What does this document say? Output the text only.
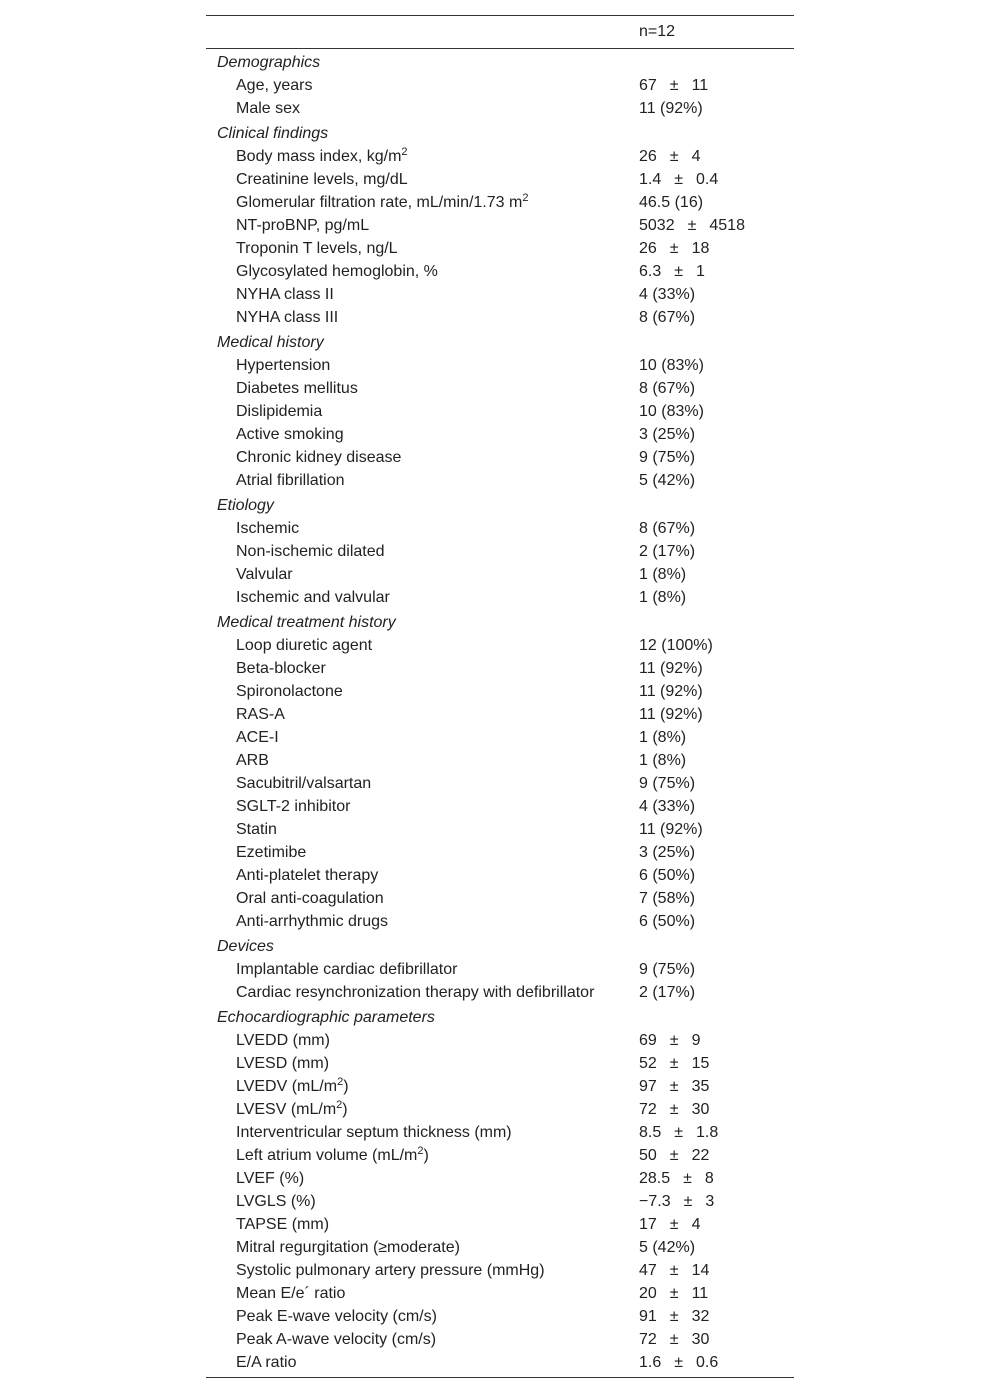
n=12
Demographics
Age, years	67 ± 11
Male sex	11 (92%)
Clinical findings
Body mass index, $kg/m^2$	26 ± 4
Creatinine levels, mg/dL	1.4 ± 0.4
Glomerular filtration rate, mL/min/1.73 $m^2$	46.5 (16)
NT-proBNP, pg/mL	5032 ± 4518
Troponin T levels, ng/L	26 ± 18
Glycosylated hemoglobin, %	6.3 ± 1
NYHA class II	4 (33%)
NYHA class III	8 (67%)
Medical history
Hypertension	10 (83%)
Diabetes mellitus	8 (67%)
Dislipidemia	10 (83%)
Active smoking	3 (25%)
Chronic kidney disease	9 (75%)
Atrial fibrillation	5 (42%)
Etiology
Ischemic	8 (67%)
Non-ischemic dilated	2 (17%)
Valvular	1 (8%)
Ischemic and valvular	1 (8%)
Medical treatment history
Loop diuretic agent	12 (100%)
Beta-blocker	11 (92%)
Spironolactone	11 (92%)
RAS-A	11 (92%)
ACE-I	1 (8%)
ARB	1 (8%)
Sacubitril/valsartan	9 (75%)
SGLT-2 inhibitor	4 (33%)
Statin	11 (92%)
Ezetimibe	3 (25%)
Anti-platelet therapy	6 (50%)
Oral anti-coagulation	7 (58%)
Anti-arrhythmic drugs	6 (50%)
Devices
Implantable cardiac defibrillator	9 (75%)
Cardiac resynchronization therapy with defibrillator	2 (17%)
Echocardiographic parameters
LVEDD (mm)	69 ± 9
LVESD (mm)	52 ± 15
LVEDV $(mL/m^2)$	97 ± 35
LVESV $(mL/m^2)$	72 ± 30
Interventricular septum thickness (mm)	8.5 ± 1.8
Left atrium volume $(mL/m^2)$	50 ± 22
LVEF (%)	28.5 ± 8
LVGLS (%)	−7.3 ± 3
TAPSE (mm)	17 ± 4
Mitral regurgitation (≥moderate)	5 (42%)
Systolic pulmonary artery pressure (mmHg)	47 ± 14
Mean E/e´ ratio	20 ± 11
Peak E-wave velocity (cm/s)	91 ± 32
Peak A-wave velocity (cm/s)	72 ± 30
E/A ratio	1.6 ± 0.6
